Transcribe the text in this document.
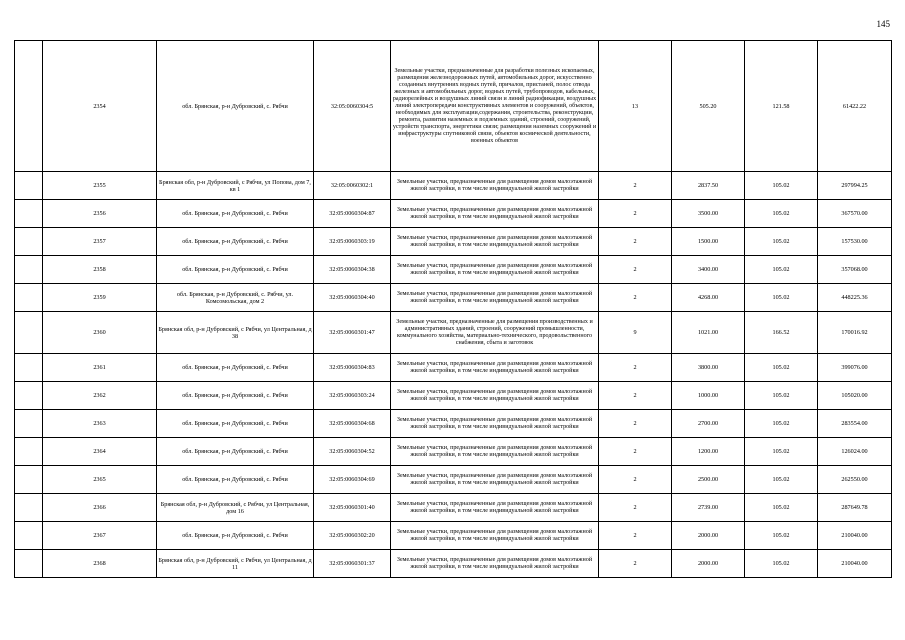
145
	2354	обл. Брянская, р-н Дубровский, с. Рябчи	32:05:0060304:5	Земельные участки, предназначенные для разработки полезных ископаемых, размещения железнодорожных путей, автомобильных дорог, искусственно созданных внутренних водных путей, причалов, пристаней, полос отвода железных и автомобильных дорог, водных путей, трубопроводов, кабельных, радиорелейных и воздушных линий связи и линий радиофикации, воздушных линий электропередачи конструктивных элементов и сооружений, объектов, необходимых для эксплуатации,содержания, строительства, реконструкции, ремонта, развития наземных и подземных зданий, строений, сооружений, устройств транспорта, энергетики связи; размещения наземных сооружений и инфраструктуры спутниковой связи, объектов космической деятельности, военных объектов	13	505.20	121.58	61422.22
	2355	Брянская обл, р-н Дубровский, с Рябчи, ул Попова, дом 7, кв 1	32:05:0060302:1	Земельные участки, предназначенные для размещения домов малоэтажной жилой застройки, в том числе индивидуальной жилой застройки	2	2837.50	105.02	297994.25
	2356	обл. Брянская, р-н Дубровский, с. Рябчи	32:05:0060304:87	Земельные участки, предназначенные для размещения домов малоэтажной жилой застройки, в том числе индивидуальной жилой застройки	2	3500.00	105.02	367570.00
	2357	обл. Брянская, р-н Дубровский, с. Рябчи	32:05:0060303:19	Земельные участки, предназначенные для размещения домов малоэтажной жилой застройки, в том числе индивидуальной жилой застройки	2	1500.00	105.02	157530.00
	2358	обл. Брянская, р-н Дубровский, с. Рябчи	32:05:0060304:38	Земельные участки, предназначенные для размещения домов малоэтажной жилой застройки, в том числе индивидуальной жилой застройки	2	3400.00	105.02	357068.00
	2359	обл. Брянская, р-н Дубровский, с. Рябчи, ул. Комсомольская, дом 2	32:05:0060304:40	Земельные участки, предназначенные для размещения домов малоэтажной жилой застройки, в том числе индивидуальной жилой застройки	2	4268.00	105.02	448225.36
	2360	Брянская обл, р-н Дубровский, с Рябчи, ул Центральная, д 38	32:05:0060301:47	Земельные участки, предназначенные для размещения производственных и административных зданий, строений, сооружений промышленности, коммунального хозяйства, материально-технического, продовольственного снабжения, сбыта и заготовок	9	1021.00	166.52	170016.92
	2361	обл. Брянская, р-н Дубровский, с. Рябчи	32:05:0060304:83	Земельные участки, предназначенные для размещения домов малоэтажной жилой застройки, в том числе индивидуальной жилой застройки	2	3800.00	105.02	399076.00
	2362	обл. Брянская, р-н Дубровский, с. Рябчи	32:05:0060303:24	Земельные участки, предназначенные для размещения домов малоэтажной жилой застройки, в том числе индивидуальной жилой застройки	2	1000.00	105.02	105020.00
	2363	обл. Брянская, р-н Дубровский, с. Рябчи	32:05:0060304:68	Земельные участки, предназначенные для размещения домов малоэтажной жилой застройки, в том числе индивидуальной жилой застройки	2	2700.00	105.02	283554.00
	2364	обл. Брянская, р-н Дубровский, с. Рябчи	32:05:0060304:52	Земельные участки, предназначенные для размещения домов малоэтажной жилой застройки, в том числе индивидуальной жилой застройки	2	1200.00	105.02	126024.00
	2365	обл. Брянская, р-н Дубровский, с. Рябчи	32:05:0060304:69	Земельные участки, предназначенные для размещения домов малоэтажной жилой застройки, в том числе индивидуальной жилой застройки	2	2500.00	105.02	262550.00
	2366	Брянская обл, р-н Дубровский, с Рябчи, ул Центральная, дом 16	32:05:0060301:40	Земельные участки, предназначенные для размещения домов малоэтажной жилой застройки, в том числе индивидуальной жилой застройки	2	2739.00	105.02	287649.78
	2367	обл. Брянская, р-н Дубровский, с. Рябчи	32:05:0060302:20	Земельные участки, предназначенные для размещения домов малоэтажной жилой застройки, в том числе индивидуальной жилой застройки	2	2000.00	105.02	210040.00
	2368	Брянская обл, р-н Дубровский, с Рябчи, ул Центральная, д 11	32:05:0060301:37	Земельные участки, предназначенные для размещения домов малоэтажной жилой застройки, в том числе индивидуальной жилой застройки	2	2000.00	105.02	210040.00
